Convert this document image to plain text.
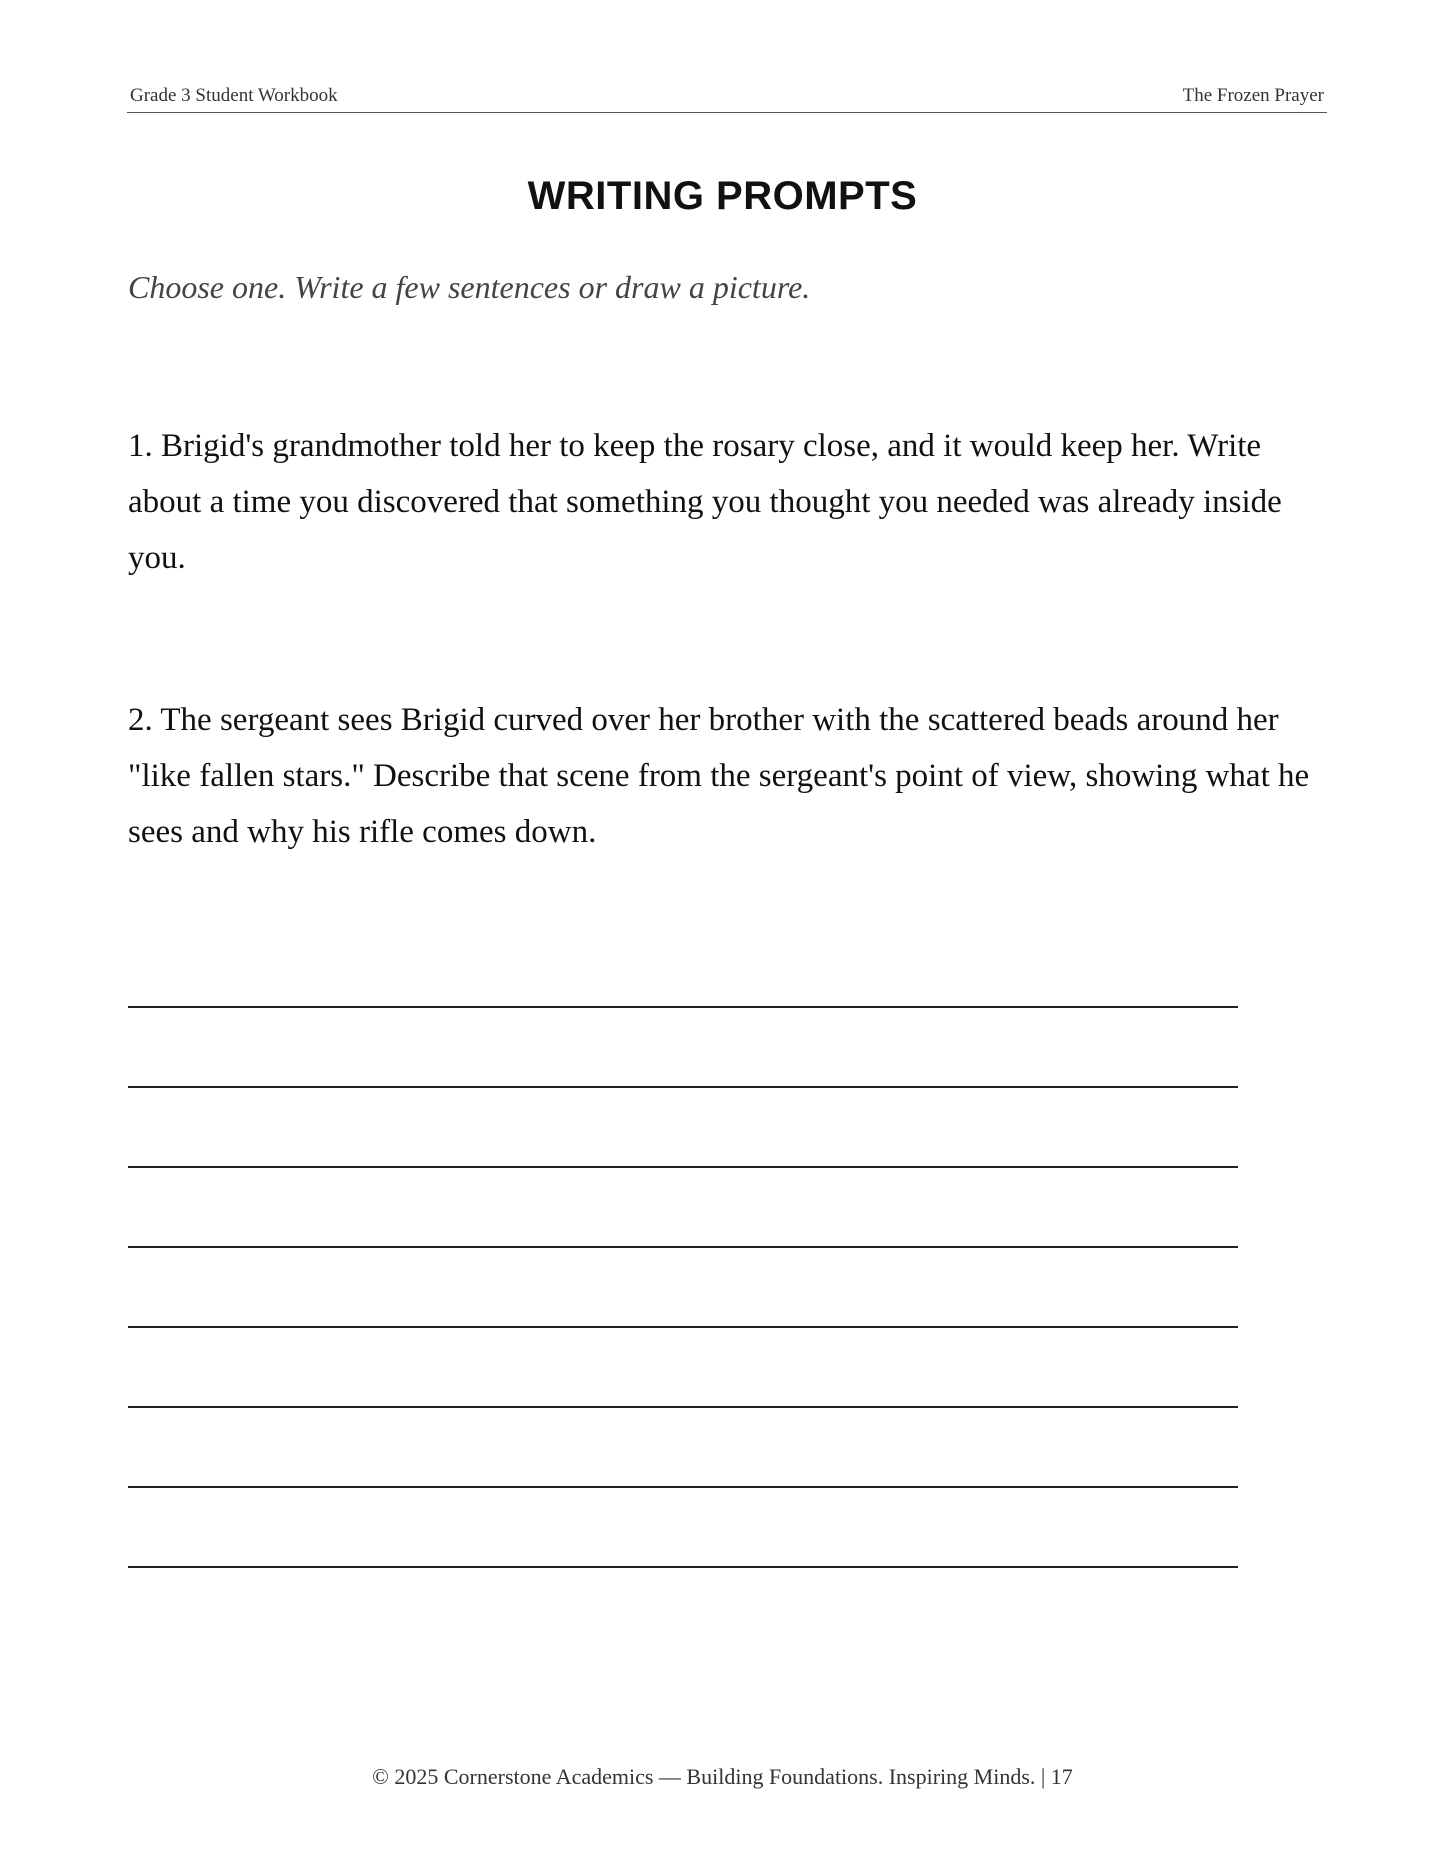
Grade 3 Student Workbook	The Frozen Prayer
WRITING PROMPTS
Choose one. Write a few sentences or draw a picture.
1. Brigid's grandmother told her to keep the rosary close, and it would keep her. Write about a time you discovered that something you thought you needed was already inside you.
2. The sergeant sees Brigid curved over her brother with the scattered beads around her "like fallen stars." Describe that scene from the sergeant's point of view, showing what he sees and why his rifle comes down.
© 2025 Cornerstone Academics — Building Foundations. Inspiring Minds. | 17
